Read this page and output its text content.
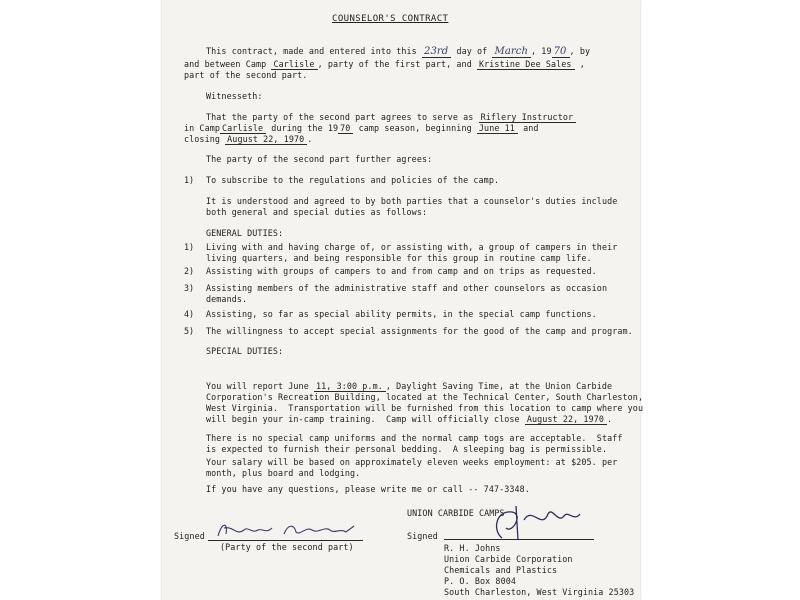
COUNSELOR'S CONTRACT
This contract, made and entered into this 23rd day of March , 19 70 , by
and between Camp Carlisle , party of the first part, and Kristine Dee Sales ,
part of the second part.
Witnesseth:
That the party of the second part agrees to serve as Riflery Instructor
in Camp Carlisle during the 19 70 camp season, beginning June 11 and
closing August 22, 1970 .
The party of the second part further agrees:
1) To subscribe to the regulations and policies of the camp.
It is understood and agreed to by both parties that a counselor's duties include
both general and special duties as follows:
GENERAL DUTIES:
1) Living with and having charge of, or assisting with, a group of campers in their
living quarters, and being responsible for this group in routine camp life.
2) Assisting with groups of campers to and from camp and on trips as requested.
3) Assisting members of the administrative staff and other counselors as occasion
demands.
4) Assisting, so far as special ability permits, in the special camp functions.
5) The willingness to accept special assignments for the good of the camp and program.
SPECIAL DUTIES:
You will report June 11, 3:00 p.m. , Daylight Saving Time, at the Union Carbide
Corporation's Recreation Building, located at the Technical Center, South Charleston,
West Virginia.  Transportation will be furnished from this location to camp where you
will begin your in-camp training.  Camp will officially close August 22, 1970 .
There is no special camp uniforms and the normal camp togs are acceptable.  Staff
is expected to furnish their personal bedding.  A sleeping bag is permissible.
Your salary will be based on approximately eleven weeks employment: at $205. per
month, plus board and lodging.
If you have any questions, please write me or call -- 747-3348.
UNION CARBIDE CAMPS
Signed
(Party of the second part)
Signed
R. H. Johns
Union Carbide Corporation
Chemicals and Plastics
P. O. Box 8004
South Charleston, West Virginia 25303
